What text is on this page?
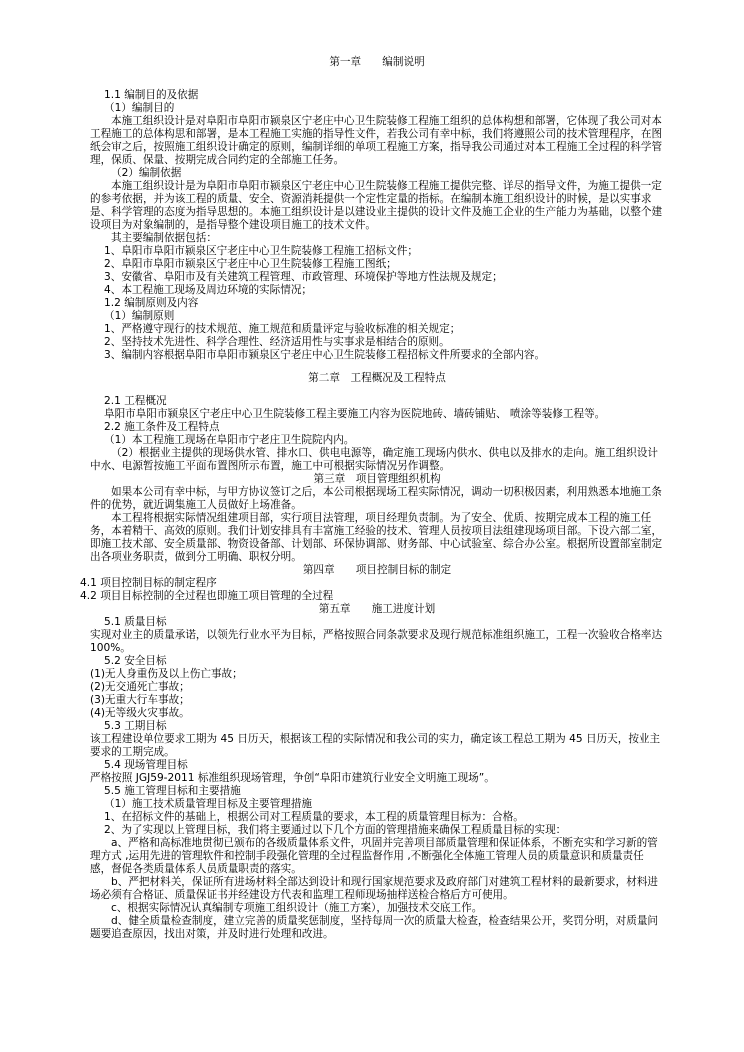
第一章　　编制说明

1.1 编制目的及依据

（1）编制目的

本施工组织设计是对阜阳市阜阳市颍泉区宁老庄中心卫生院装修工程施工组织的总体构想和部署，它体现了我公司对本工程施工的总体构思和部署，是本工程施工实施的指导性文件，若我公司有幸中标，我们将遵照公司的技术管理程序，在图纸会审之后，按照施工组织设计确定的原则，编制详细的单项工程施工方案，指导我公司通过对本工程施工全过程的科学管理，保质、保量、按期完成合同约定的全部施工任务。

（2）编制依据

本施工组织设计是为阜阳市阜阳市颍泉区宁老庄中心卫生院装修工程施工提供完整、详尽的指导文件，为施工提供一定的参考依据，并为该工程的质量、安全、资源消耗提供一个定性定量的指标。在编制本施工组织设计的时候，是以实事求是、科学管理的态度为指导思想的。本施工组织设计是以建设业主提供的设计文件及施工企业的生产能力为基础，以整个建设项目为对象编制的，是指导整个建设项目施工的技术文件。

其主要编制依据包括：

1、阜阳市阜阳市颍泉区宁老庄中心卫生院装修工程施工招标文件；

2、阜阳市阜阳市颍泉区宁老庄中心卫生院装修工程施工图纸；

3、安徽省、阜阳市及有关建筑工程管理、市政管理、环境保护等地方性法规及规定；

4、本工程施工现场及周边环境的实际情况；

1.2 编制原则及内容

（1）编制原则

1、严格遵守现行的技术规范、施工规范和质量评定与验收标准的相关规定；

2、坚持技术先进性、科学合理性、经济适用性与实事求是相结合的原则。

3、编制内容根据阜阳市阜阳市颍泉区宁老庄中心卫生院装修工程招标文件所要求的全部内容。

第二章　工程概况及工程特点

2.1 工程概况

阜阳市阜阳市颍泉区宁老庄中心卫生院装修工程主要施工内容为医院地砖、墙砖铺贴、 喷涂等装修工程等。

2.2 施工条件及工程特点

（1）本工程施工现场在阜阳市宁老庄卫生院院内内。

（2）根据业主提供的现场供水管、排水口、供电电源等，确定施工现场内供水、供电以及排水的走向。施工组织设计中水、电源暂按施工平面布置图所示布置，施工中可根据实际情况另作调整。

第三章　项目管理组织机构

如果本公司有幸中标，与甲方协议签订之后，本公司根据现场工程实际情况，调动一切积极因素，利用熟悉本地施工条件的优势，就近调集施工人员做好上场准备。

本工程将根据实际情况组建项目部，实行项目法管理，项目经理负责制。为了安全、优质、按期完成本工程的施工任务，本着精干、高效的原则。我们计划安排具有丰富施工经验的技术、管理人员按项目法组建现场项目部。下设六部二室，即施工技术部、安全质量部、物资设备部、计划部、环保协调部、财务部、中心试验室、综合办公室。根据所设置部室制定出各项业务职责，做到分工明确、职权分明。

第四章　　项目控制目标的制定

4.1 项目控制目标的制定程序

4.2 项目目标控制的全过程也即施工项目管理的全过程

第五章　　施工进度计划

5.1 质量目标

实现对业主的质量承诺，以领先行业水平为目标，严格按照合同条款要求及现行规范标准组织施工，工程一次验收合格率达 100%。

5.2 安全目标

(1)无人身重伤及以上伤亡事故；

(2)无交通死亡事故；

(3)无重大行车事故；

(4)无等级火灾事故。

5.3 工期目标

该工程建设单位要求工期为 45 日历天，根据该工程的实际情况和我公司的实力，确定该工程总工期为 45 日历天，按业主要求的工期完成。

5.4 现场管理目标

严格按照 JGJ59-2011 标准组织现场管理，争创“阜阳市建筑行业安全文明施工现场”。

5.5 施工管理目标和主要措施

（1）施工技术质量管理目标及主要管理措施

1、在招标文件的基础上，根据公司对工程质量的要求，本工程的质量管理目标为：合格。

2、为了实现以上管理目标，我们将主要通过以下几个方面的管理措施来确保工程质量目标的实现：

a、严格和高标准地贯彻已颁布的各级质量体系文件，巩固并完善项目部质量管理和保证体系，不断充实和学习新的管理方式 ,运用先进的管理软件和控制手段强化管理的全过程监督作用 ,不断强化全体施工管理人员的质量意识和质量责任感，督促各类质量体系人员质量职责的落实。

b、严把材料关，保证所有进场材料全部达到设计和现行国家规范要求及政府部门对建筑工程材料的最新要求，材料进场必须有合格证、质量保证书并经建设方代表和监理工程师现场抽样送检合格后方可使用。

c、根据实际情况认真编制专项施工组织设计（施工方案），加强技术交底工作。

d、健全质量检查制度，建立完善的质量奖惩制度，坚持每周一次的质量大检查，检查结果公开，奖罚分明，对质量问题要追查原因，找出对策，并及时进行处理和改进。
